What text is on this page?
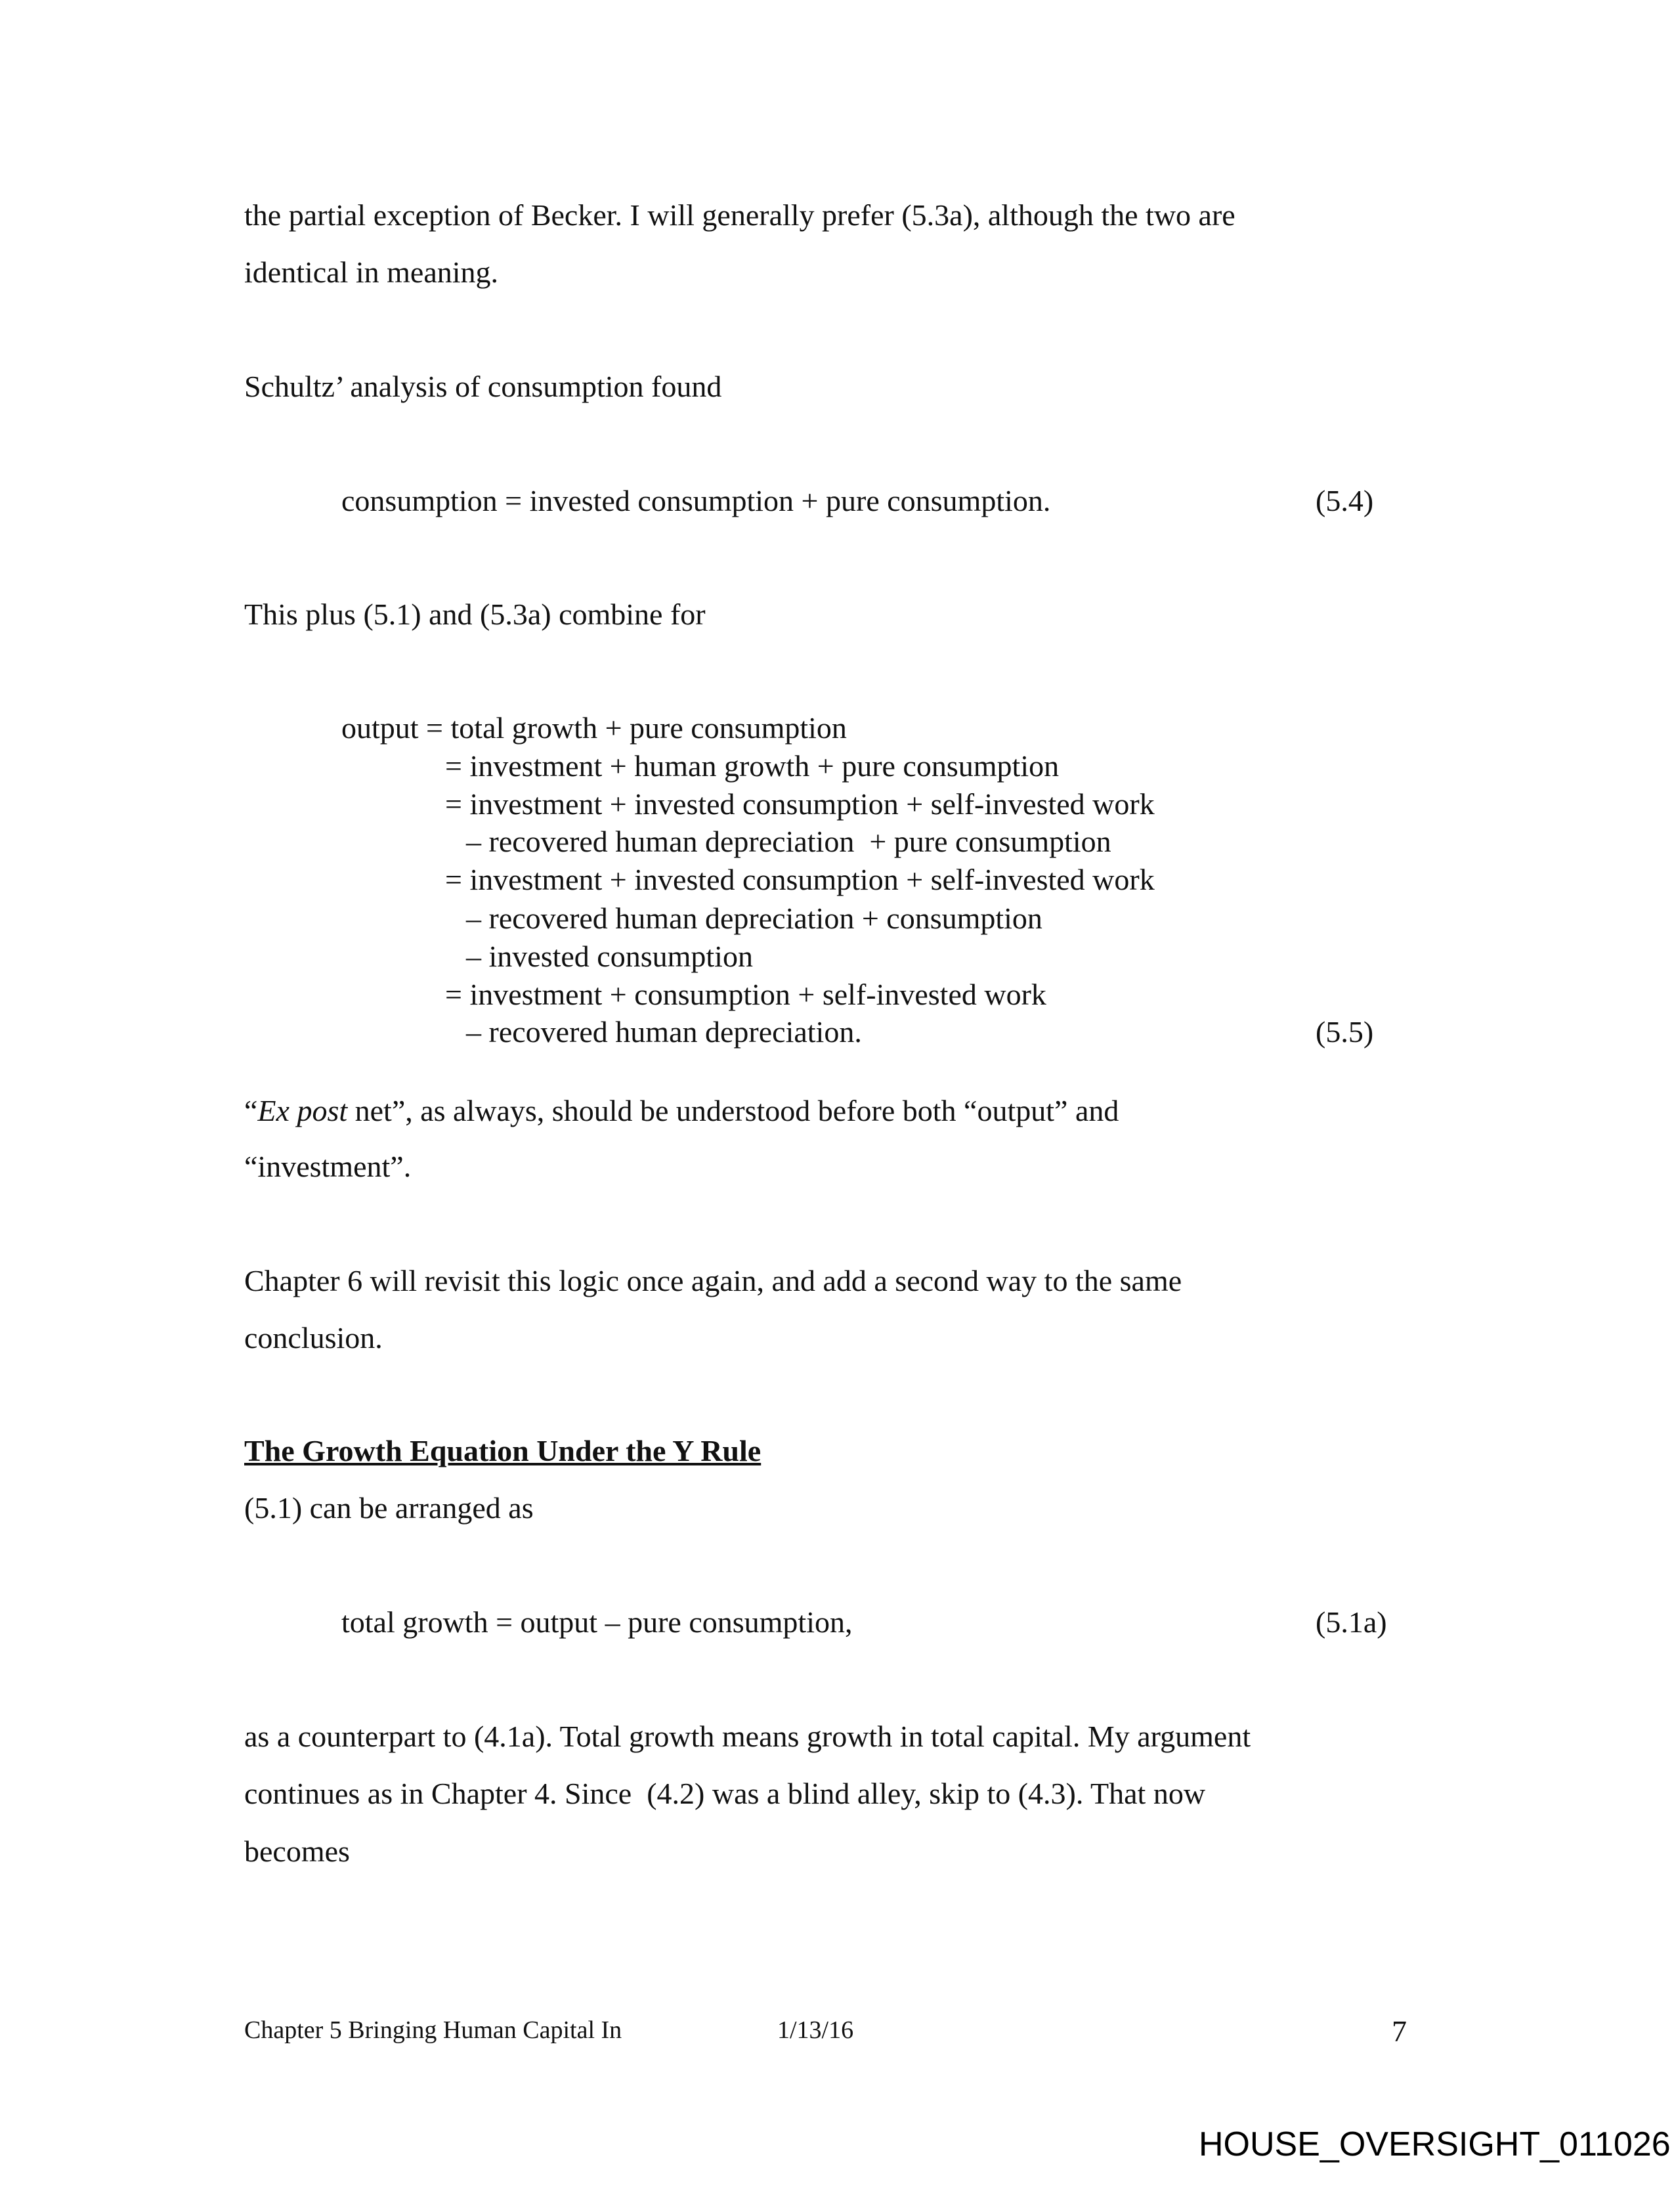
the partial exception of Becker. I will generally prefer (5.3a), although the two are
identical in meaning.
Schultz’ analysis of consumption found
consumption = invested consumption + pure consumption.	(5.4)
This plus (5.1) and (5.3a) combine for
output = total growth + pure consumption
= investment + human growth + pure consumption
= investment + invested consumption + self-invested work
– recovered human depreciation  + pure consumption
= investment + invested consumption + self-invested work
– recovered human depreciation + consumption
– invested consumption
= investment + consumption + self-invested work
– recovered human depreciation.	(5.5)
“Ex post net”, as always, should be understood before both “output” and
“investment”.
Chapter 6 will revisit this logic once again, and add a second way to the same
conclusion.
The Growth Equation Under the Y Rule
(5.1) can be arranged as
total growth = output – pure consumption,	(5.1a)
as a counterpart to (4.1a). Total growth means growth in total capital. My argument
continues as in Chapter 4. Since  (4.2) was a blind alley, skip to (4.3). That now
becomes
Chapter 5 Bringing Human Capital In	1/13/16	7
HOUSE_OVERSIGHT_011026
